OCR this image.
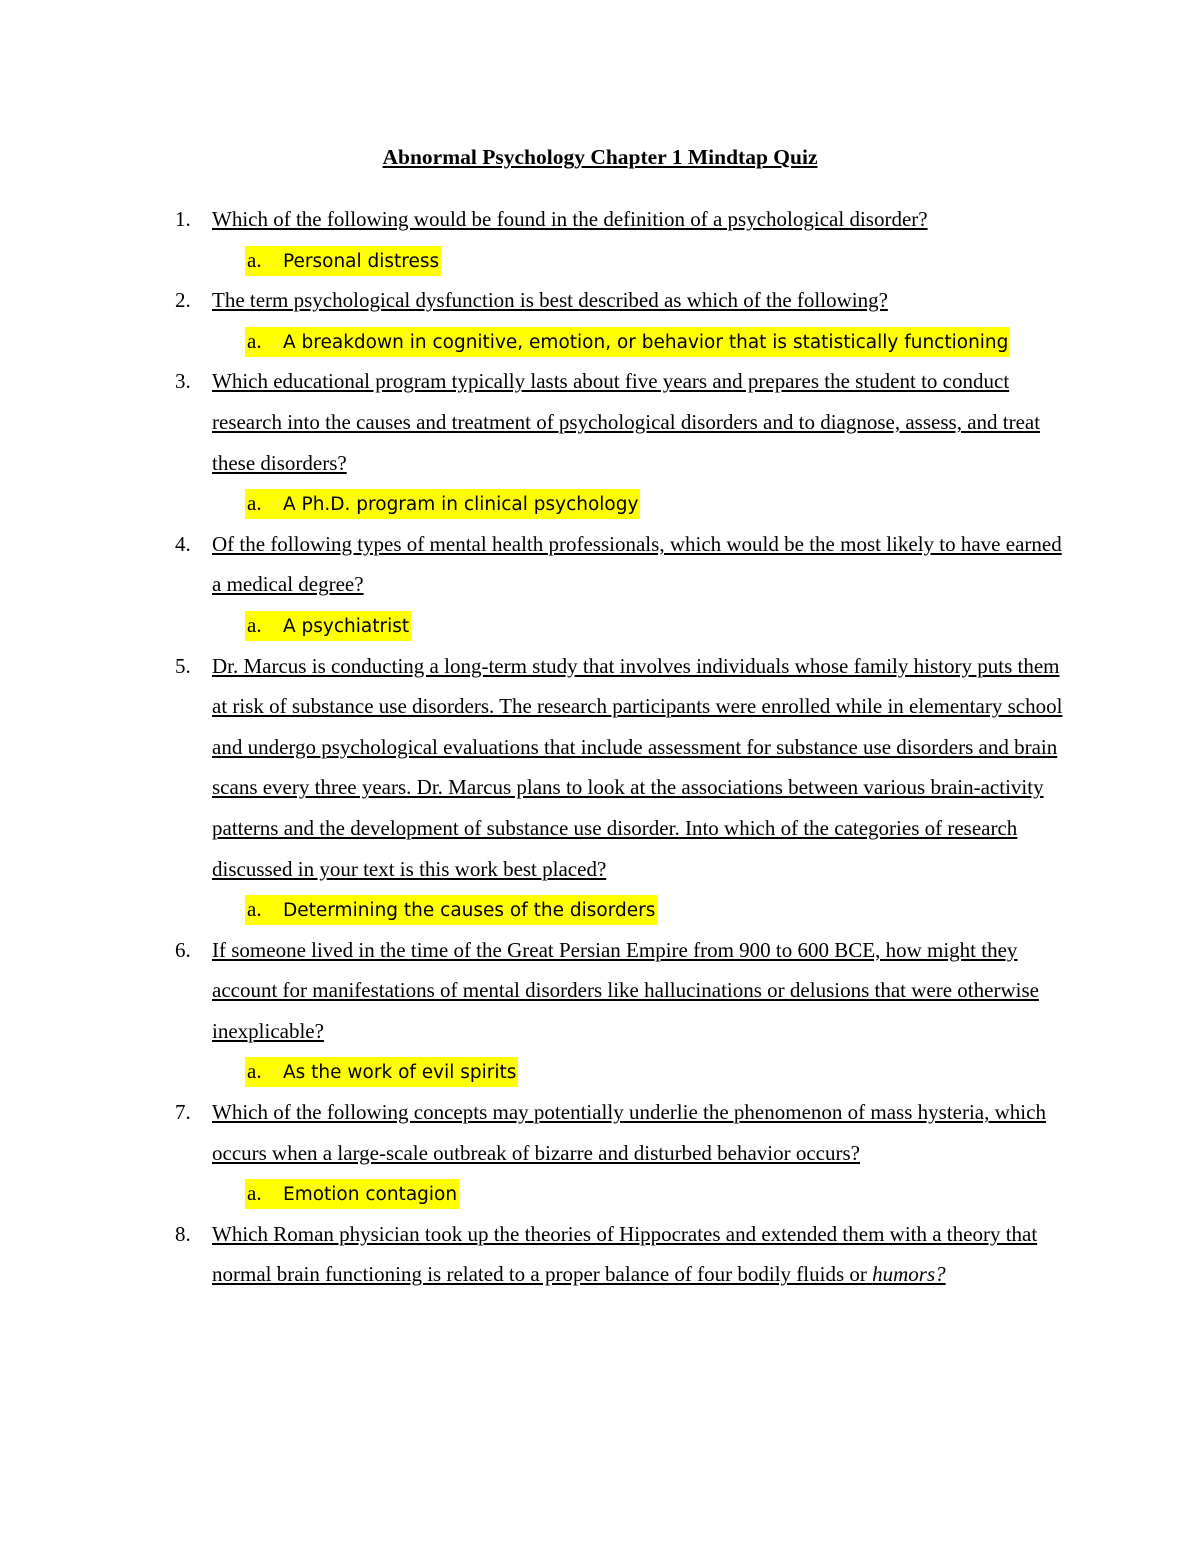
Abnormal Psychology Chapter 1 Mindtap Quiz
1. Which of the following would be found in the definition of a psychological disorder?
a. Personal distress
2. The term psychological dysfunction is best described as which of the following?
a. A breakdown in cognitive, emotion, or behavior that is statistically functioning
3. Which educational program typically lasts about five years and prepares the student to conduct research into the causes and treatment of psychological disorders and to diagnose, assess, and treat these disorders?
a. A Ph.D. program in clinical psychology
4. Of the following types of mental health professionals, which would be the most likely to have earned a medical degree?
a. A psychiatrist
5. Dr. Marcus is conducting a long-term study that involves individuals whose family history puts them at risk of substance use disorders. The research participants were enrolled while in elementary school and undergo psychological evaluations that include assessment for substance use disorders and brain scans every three years. Dr. Marcus plans to look at the associations between various brain-activity patterns and the development of substance use disorder. Into which of the categories of research discussed in your text is this work best placed?
a. Determining the causes of the disorders
6. If someone lived in the time of the Great Persian Empire from 900 to 600 BCE, how might they account for manifestations of mental disorders like hallucinations or delusions that were otherwise inexplicable?
a. As the work of evil spirits
7. Which of the following concepts may potentially underlie the phenomenon of mass hysteria, which occurs when a large-scale outbreak of bizarre and disturbed behavior occurs?
a. Emotion contagion
8. Which Roman physician took up the theories of Hippocrates and extended them with a theory that normal brain functioning is related to a proper balance of four bodily fluids or humors?
